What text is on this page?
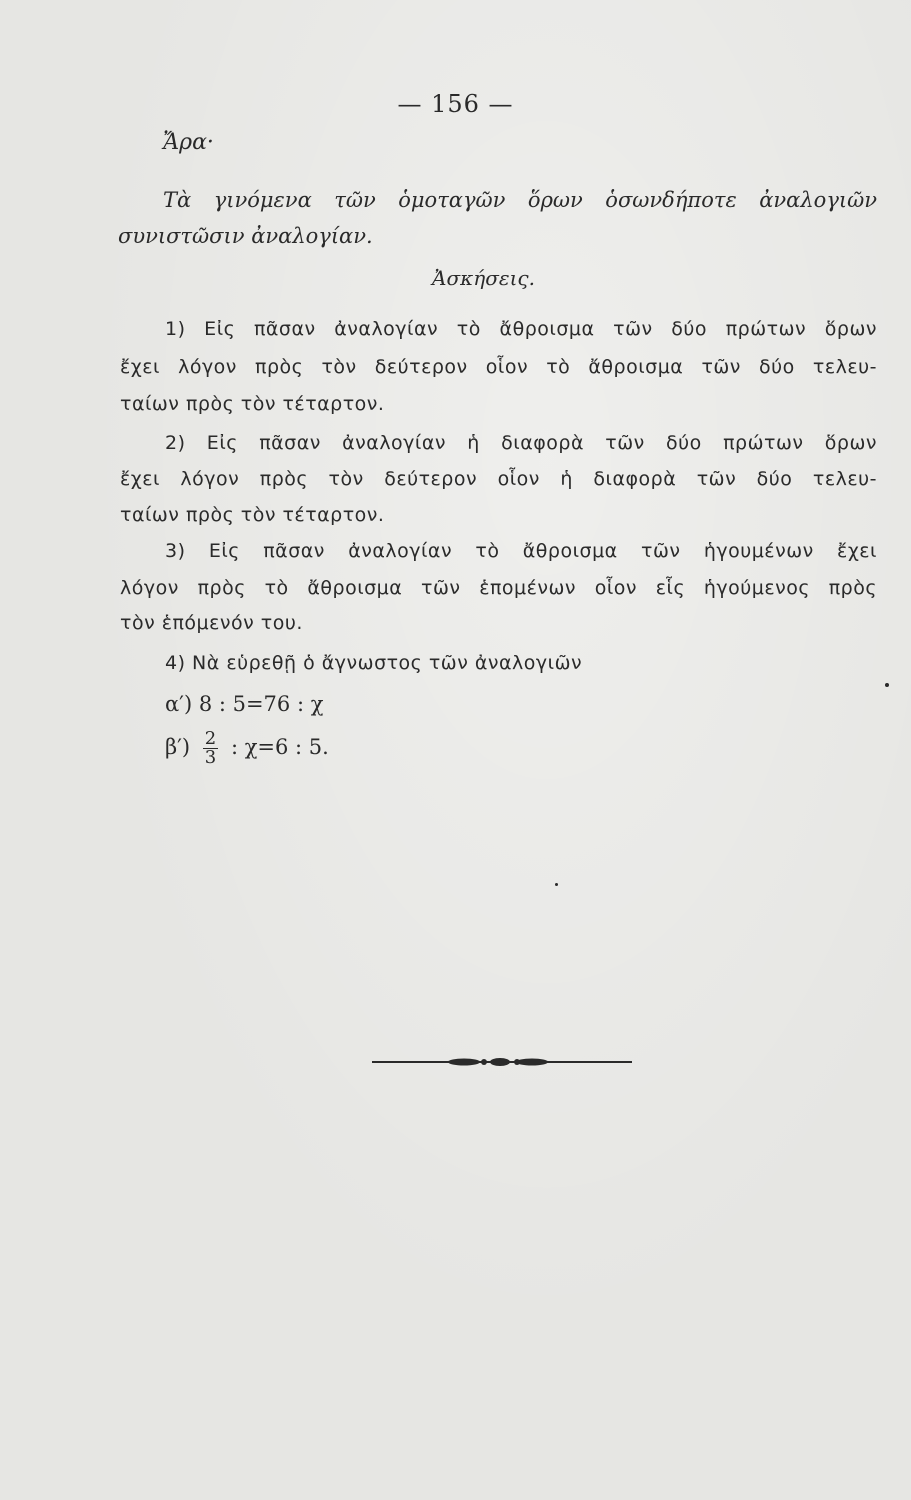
— 156 —
Ἄρα·
Τὰ γινόμενα τῶν ὁμοταγῶν ὅρων ὁσωνδήποτε ἀναλογιῶν
συνιστῶσιν ἀναλογίαν.
Ἀσκήσεις.
1) Εἰς πᾶσαν ἀναλογίαν τὸ ἄθροισμα τῶν δύο πρώτων ὅρων
ἔχει λόγον πρὸς τὸν δεύτερον οἷον τὸ ἄθροισμα τῶν δύο τελευ-
ταίων πρὸς τὸν τέταρτον.
2) Εἰς πᾶσαν ἀναλογίαν ἡ διαφορὰ τῶν δύο πρώτων ὅρων
ἔχει λόγον πρὸς τὸν δεύτερον οἷον ἡ διαφορὰ τῶν δύο τελευ-
ταίων πρὸς τὸν τέταρτον.
3) Εἰς πᾶσαν ἀναλογίαν τὸ ἄθροισμα τῶν ἡγουμένων ἔχει
λόγον πρὸς τὸ ἄθροισμα τῶν ἑπομένων οἷον εἷς ἡγούμενος πρὸς
τὸν ἑπόμενόν του.
4) Νὰ εὑρεθῇ ὁ ἄγνωστος τῶν ἀναλογιῶν
α′) 8 : 5=76 : χ
$\beta') \frac{2}{3}$ : χ=6 : 5.
